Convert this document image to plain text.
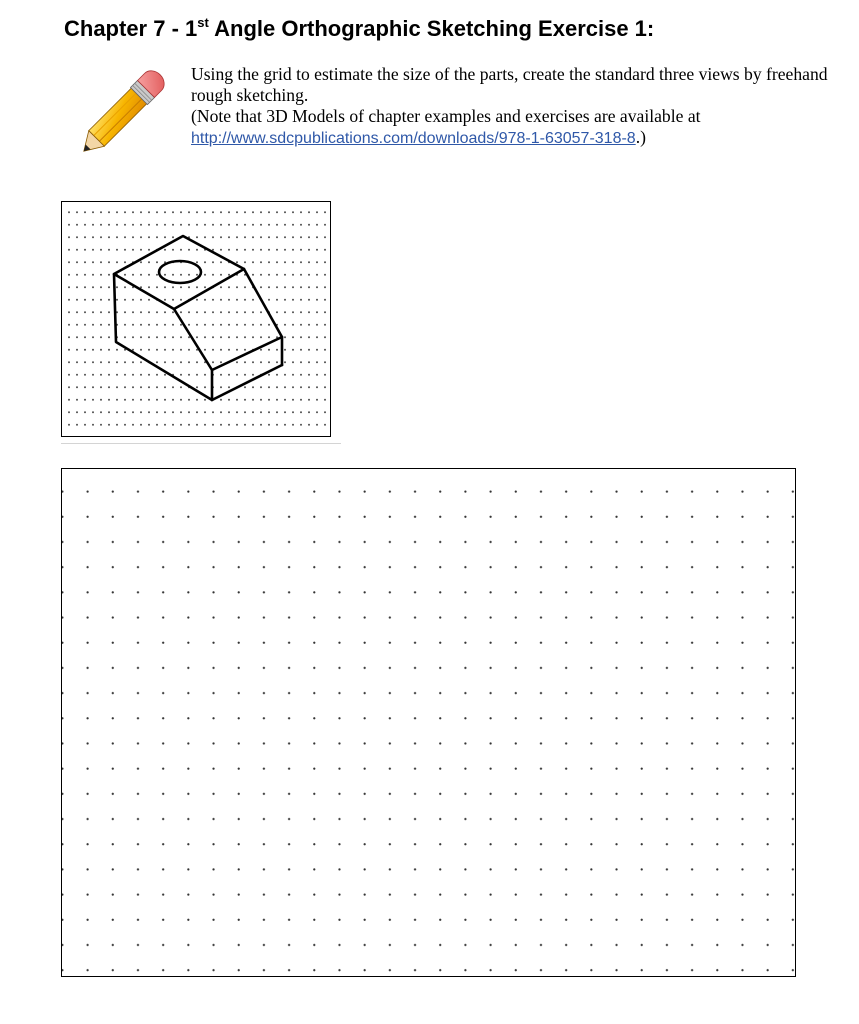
Chapter 7 - 1st Angle Orthographic Sketching Exercise 1:

Using the grid to estimate the size of the parts, create the standard three views by freehand rough sketching.

(Note that 3D Models of chapter examples and exercises are available at
http://www.sdcpublications.com/downloads/978-1-63057-318-8.)
